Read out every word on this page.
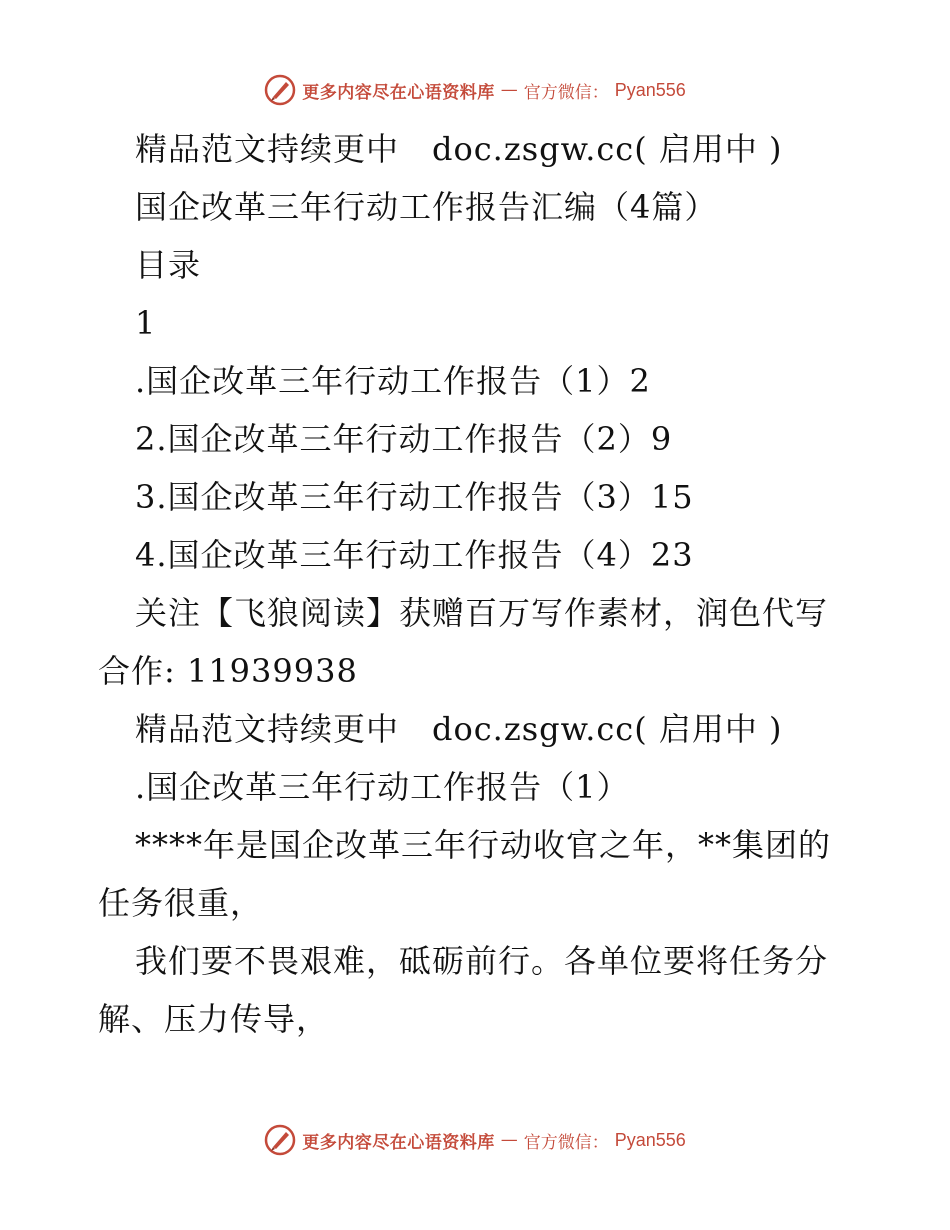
更多内容尽在心语资料库 — 官方微信： Pyan556
精品范文持续更中　doc.zsgw.cc( 启用中 )
国企改革三年行动工作报告汇编（4篇）
目录
1
.国企改革三年行动工作报告（1）2
2.国企改革三年行动工作报告（2）9
3.国企改革三年行动工作报告（3）15
4.国企改革三年行动工作报告（4）23
关注【飞狼阅读】获赠百万写作素材，润色代写
合作: 11939938
精品范文持续更中　doc.zsgw.cc( 启用中 )
.国企改革三年行动工作报告（1）
****年是国企改革三年行动收官之年，**集团的
任务很重，
我们要不畏艰难，砥砺前行。各单位要将任务分
解、压力传导，
更多内容尽在心语资料库 — 官方微信： Pyan556
